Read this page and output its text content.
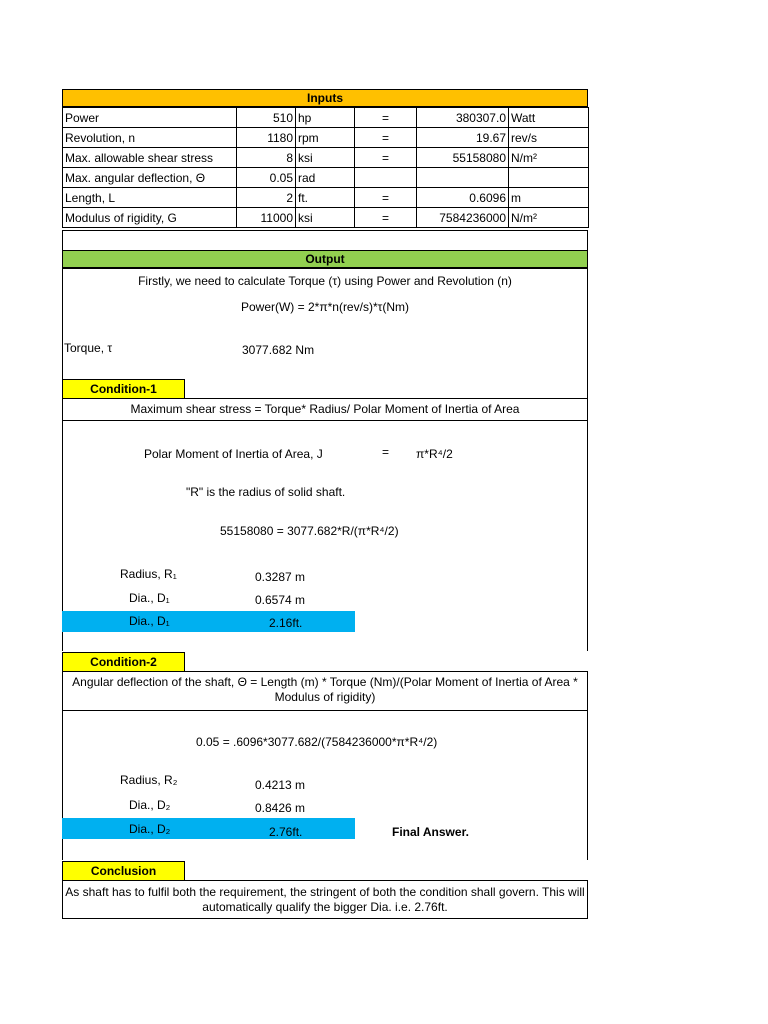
Inputs
Power	510	hp	=	380307.0	Watt
Revolution, n	1180	rpm	=	19.67	rev/s
Max. allowable shear stress	8	ksi	=	55158080	N/m²
Max. angular deflection, Θ	0.05	rad			
Length, L	2	ft.	=	0.6096	m
Modulus of rigidity, G	11000	ksi	=	7584236000	N/m²
Output
Firstly, we need to calculate Torque (τ) using Power and Revolution (n)
Power(W) = 2*π*n(rev/s)*τ(Nm)
Torque, τ	3077.682 Nm
Condition-1
Maximum shear stress = Torque* Radius/ Polar Moment of Inertia of Area
Polar Moment of Inertia of Area, J	= π*R⁴/2
"R" is the radius of solid shaft.
55158080 = 3077.682*R/(π*R⁴/2)
Radius, R₁	0.3287 m
Dia., D₁	0.6574 m
Dia., D₁	2.16ft.
Condition-2
Angular deflection of the shaft, Θ = Length (m) * Torque (Nm)/(Polar Moment of Inertia of Area * Modulus of rigidity)
0.05 = .6096*3077.682/(7584236000*π*R⁴/2)
Radius, R₂	0.4213 m
Dia., D₂	0.8426 m
Dia., D₂	2.76ft.	Final Answer.
Conclusion
As shaft has to fulfil both the requirement, the stringent of both the condition shall govern. This will automatically qualify the bigger Dia. i.e. 2.76ft.
